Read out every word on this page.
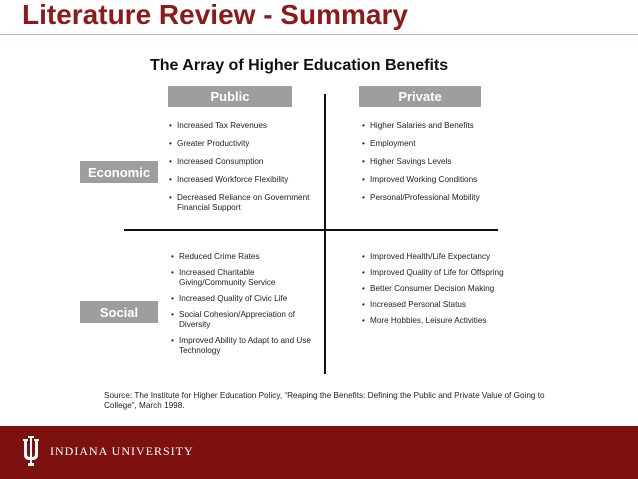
Literature Review - Summary
The Array of Higher Education Benefits
Public	Private
Economic
Social
• Increased Tax Revenues
• Greater Productivity
• Increased Consumption
• Increased Workforce Flexibility
• Decreased Reliance on Government Financial Support
• Higher Salaries and Benefits
• Employment
• Higher Savings Levels
• Improved Working Conditions
• Personal/Professional Mobility
• Reduced Crime Rates
• Increased Charitable Giving/Community Service
• Increased Quality of Civic Life
• Social Cohesion/Appreciation of Diversity
• Improved Ability to Adapt to and Use Technology
• Improved Health/Life Expectancy
• Improved Quality of Life for Offspring
• Better Consumer Decision Making
• Increased Personal Status
• More Hobbies, Leisure Activities
Source: The Institute for Higher Education Policy, “Reaping the Benefits: Defining the Public and Private Value of Going to College”, March 1998.
INDIANA UNIVERSITY
